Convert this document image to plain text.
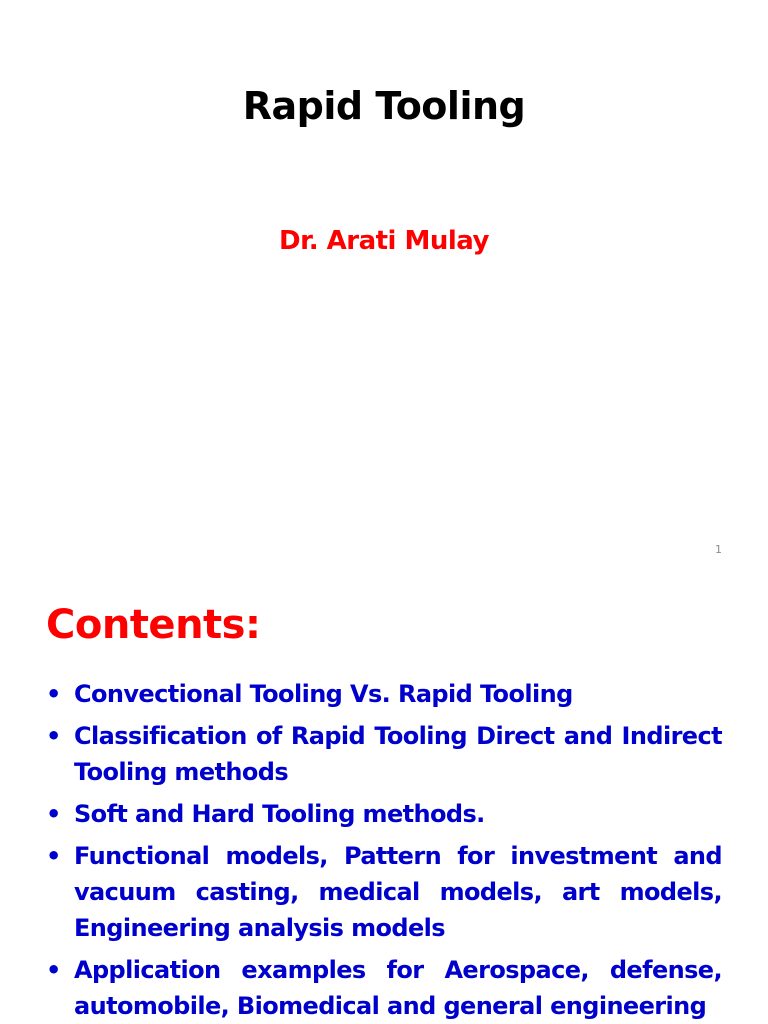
Rapid Tooling
Dr. Arati Mulay
1
Contents:
• Convectional Tooling Vs. Rapid Tooling
• Classification of Rapid Tooling Direct and Indirect Tooling methods
• Soft and Hard Tooling methods.
• Functional models, Pattern for investment and vacuum casting, medical models, art models, Engineering analysis models
• Application examples for Aerospace, defense, automobile, Biomedical and general engineering
